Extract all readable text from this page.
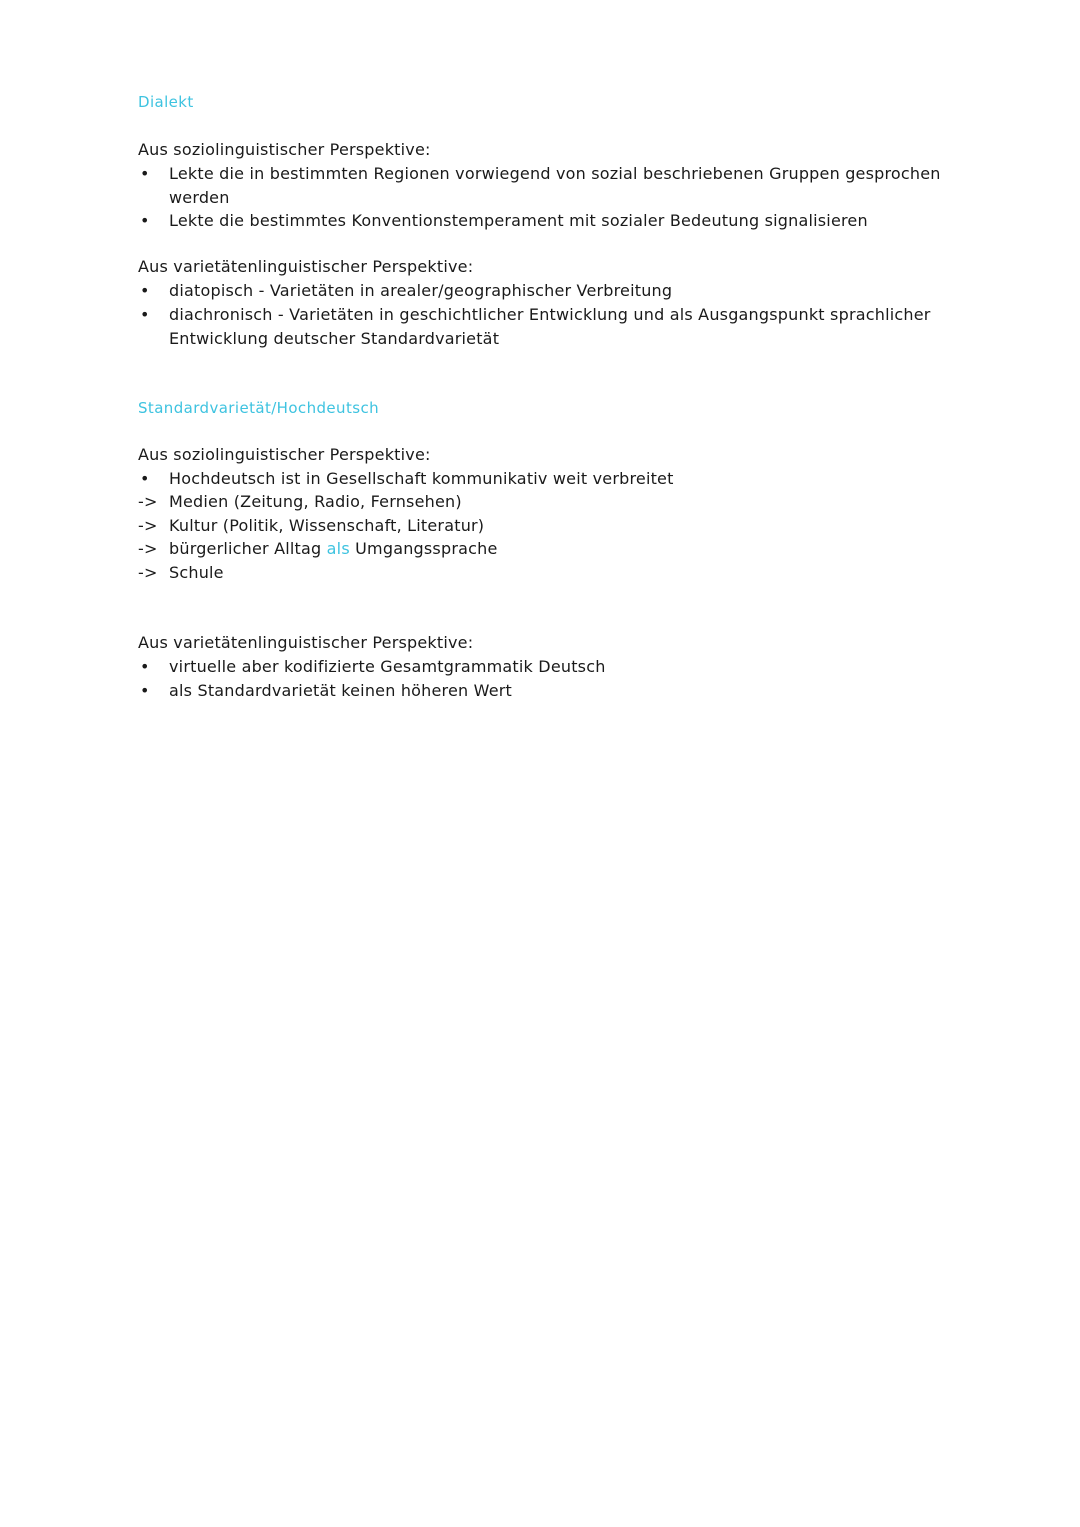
Dialekt
Aus soziolinguistischer Perspektive:
•	Lekte die in bestimmten Regionen vorwiegend von sozial beschriebenen Gruppen gesprochen werden
•	Lekte die bestimmtes Konventionstemperament mit sozialer Bedeutung signalisieren
Aus varietätenlinguistischer Perspektive:
•	diatopisch - Varietäten in arealer/geographischer Verbreitung
•	diachronisch - Varietäten in geschichtlicher Entwicklung und als Ausgangspunkt sprachlicher Entwicklung deutscher Standardvarietät
Standardvarietät/Hochdeutsch
Aus soziolinguistischer Perspektive:
•	Hochdeutsch ist in Gesellschaft kommunikativ weit verbreitet
-> Medien (Zeitung, Radio, Fernsehen)
-> Kultur (Politik, Wissenschaft, Literatur)
-> bürgerlicher Alltag als Umgangssprache
-> Schule
Aus varietätenlinguistischer Perspektive:
•	virtuelle aber kodifizierte Gesamtgrammatik Deutsch
•	als Standardvarietät keinen höheren Wert
